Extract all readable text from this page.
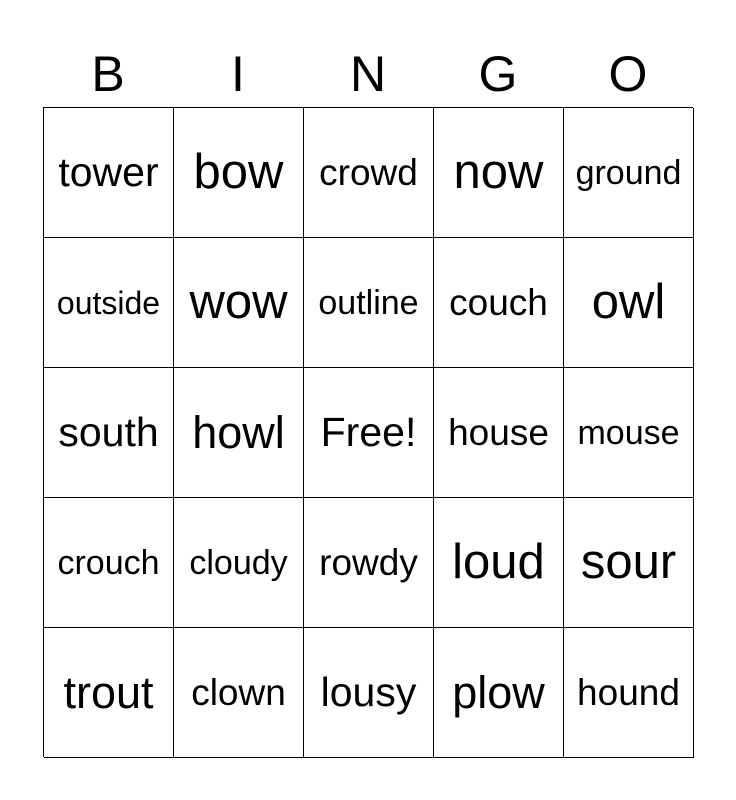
B	I	N	G	O
tower bow crowd now ground
outside wow outline couch owl
south howl Free! house mouse
crouch cloudy rowdy loud sour
trout	clown lousy plow hound
